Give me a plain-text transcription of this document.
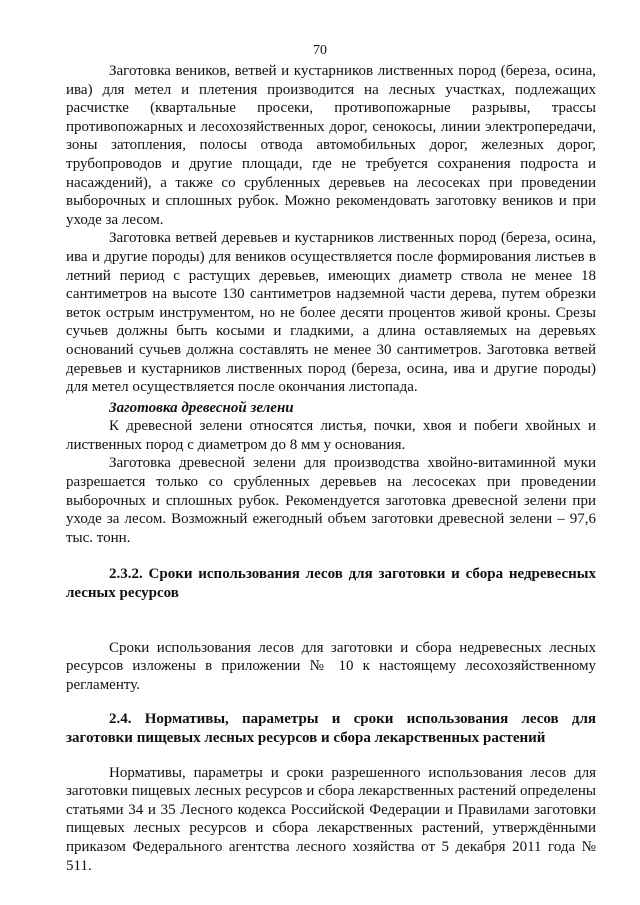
70

Заготовка веников, ветвей и кустарников лиственных пород (береза, осина, ива) для метел и плетения производится на лесных участках, подлежащих расчистке (квартальные просеки, противопожарные разрывы, трассы противопожарных и лесохозяйственных дорог, сенокосы, линии электропередачи, зоны затопления, полосы отвода автомобильных дорог, железных дорог, трубопроводов и другие площади, где не требуется сохранения подроста и насаждений), а также со срубленных деревьев на лесосеках при проведении выборочных и сплошных рубок. Можно рекомендовать заготовку веников и при уходе за лесом.

Заготовка ветвей деревьев и кустарников лиственных пород (береза, осина, ива и другие породы) для веников осуществляется после формирования листьев в летний период с растущих деревьев, имеющих диаметр ствола не менее 18 сантиметров на высоте 130 сантиметров надземной части дерева, путем обрезки веток острым инструментом, но не более десяти процентов живой кроны. Срезы сучьев должны быть косыми и гладкими, а длина оставляемых на деревьях оснований сучьев должна составлять не менее 30 сантиметров. Заготовка ветвей деревьев и кустарников лиственных пород (береза, осина, ива и другие породы) для метел осуществляется после окончания листопада.

Заготовка древесной зелени

К древесной зелени относятся листья, почки, хвоя и побеги хвойных и лиственных пород с диаметром до 8 мм у основания.

Заготовка древесной зелени для производства хвойно-витаминной муки разрешается только со срубленных деревьев на лесосеках при проведении выборочных и сплошных рубок. Рекомендуется заготовка древесной зелени при уходе за лесом. Возможный ежегодный объем заготовки древесной зелени – 97,6 тыс. тонн.

2.3.2. Сроки использования лесов для заготовки и сбора недревесных лесных ресурсов

Сроки использования лесов для заготовки и сбора недревесных лесных ресурсов изложены в приложении № 10 к настоящему лесохозяйственному регламенту.

2.4. Нормативы, параметры и сроки использования лесов для заготовки пищевых лесных ресурсов и сбора лекарственных растений

Нормативы, параметры и сроки разрешенного использования лесов для заготовки пищевых лесных ресурсов и сбора лекарственных растений определены статьями 34 и 35 Лесного кодекса Российской Федерации и Правилами заготовки пищевых лесных ресурсов и сбора лекарственных растений, утверждёнными приказом Федерального агентства лесного хозяйства от 5 декабря 2011 года № 511.
